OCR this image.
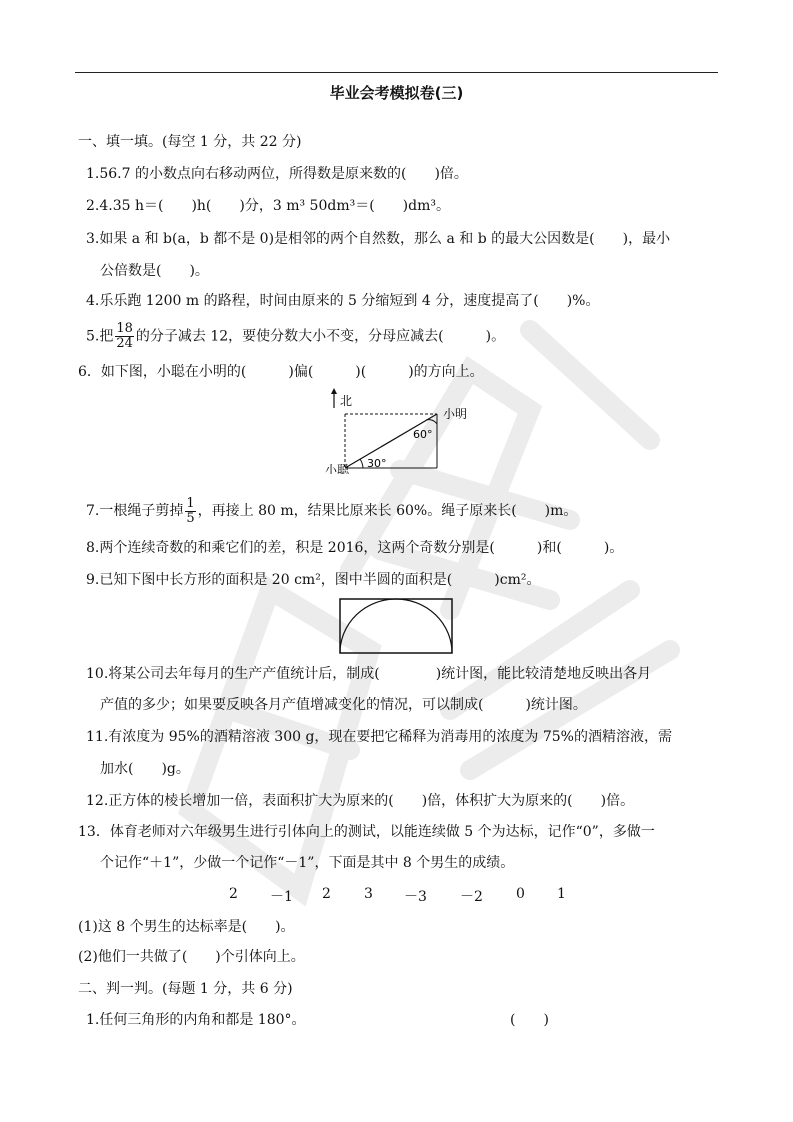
毕业会考模拟卷(三)
一、填一填。(每空 1 分，共 22 分)
1.56.7 的小数点向右移动两位，所得数是原来数的(　　)倍。
2.4.35 h＝(　　)h(　　)分，3 m³ 50dm³＝(　　)dm³。
3.如果 a 和 b(a，b 都不是 0)是相邻的两个自然数，那么 a 和 b 的最大公因数是(　　)，最小
公倍数是(　　)。
4.乐乐跑 1200 m 的路程，时间由原来的 5 分缩短到 4 分，速度提高了(　　)%。
5.把 $\frac{18}{24}$ 的分子减去 12，要使分数大小不变，分母应减去(　　　)。
6．如下图，小聪在小明的(　　　)偏(　　　)(　　　)的方向上。
北
小明
60°
30°
小聪
7.一根绳子剪掉 $\frac{1}{5}$ ，再接上 80 m，结果比原来长 60%。绳子原来长(　　)m。
8.两个连续奇数的和乘它们的差，积是 2016，这两个奇数分别是(　　　)和(　　　)。
9.已知下图中长方形的面积是 20 cm²，图中半圆的面积是(　　　)cm²。
10.将某公司去年每月的生产产值统计后，制成(　　　　)统计图，能比较清楚地反映出各月
产值的多少；如果要反映各月产值增减变化的情况，可以制成(　　　)统计图。
11.有浓度为 95%的酒精溶液 300 g，现在要把它稀释为消毒用的浓度为 75%的酒精溶液，需
加水(　　)g。
12.正方体的棱长增加一倍，表面积扩大为原来的(　　)倍，体积扩大为原来的(　　)倍。
13．体育老师对六年级男生进行引体向上的测试，以能连续做 5 个为达标，记作“0”，多做一
个记作“＋1”，少做一个记作“－1”，下面是其中 8 个男生的成绩。
2 －1 2 3 －3 －2 0 1
(1)这 8 个男生的达标率是(　　)。
(2)他们一共做了(　　)个引体向上。
二、判一判。(每题 1 分，共 6 分)
1.任何三角形的内角和都是 180°。	(　　)
